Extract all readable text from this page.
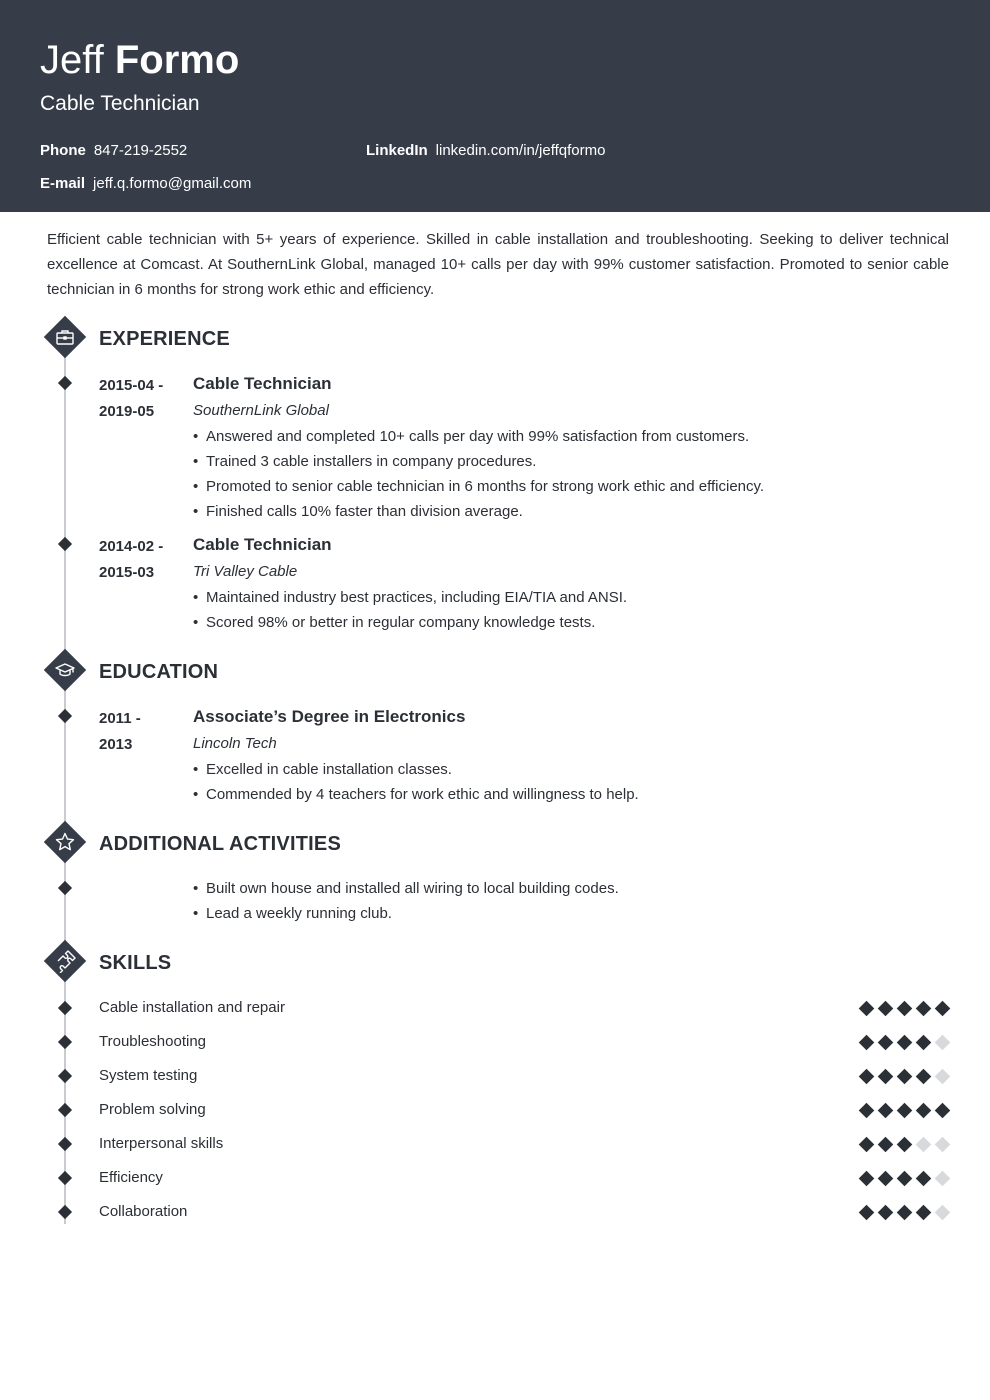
Jeff Formo
Cable Technician
Phone 847-219-2552	LinkedIn linkedin.com/in/jeffqformo
E-mail jeff.q.formo@gmail.com

Efficient cable technician with 5+ years of experience. Skilled in cable installation and troubleshooting. Seeking to deliver technical excellence at Comcast. At SouthernLink Global, managed 10+ calls per day with 99% customer satisfaction. Promoted to senior cable technician in 6 months for strong work ethic and efficiency.

EXPERIENCE
2015-04 -
2019-05
Cable Technician
SouthernLink Global
• Answered and completed 10+ calls per day with 99% satisfaction from customers.
• Trained 3 cable installers in company procedures.
• Promoted to senior cable technician in 6 months for strong work ethic and efficiency.
• Finished calls 10% faster than division average.
2014-02 -
2015-03
Cable Technician
Tri Valley Cable
• Maintained industry best practices, including EIA/TIA and ANSI.
• Scored 98% or better in regular company knowledge tests.
EDUCATION
2011 -
2013
Associate’s Degree in Electronics
Lincoln Tech
• Excelled in cable installation classes.
• Commended by 4 teachers for work ethic and willingness to help.
ADDITIONAL ACTIVITIES
• Built own house and installed all wiring to local building codes.
• Lead a weekly running club.
SKILLS
Cable installation and repair
Troubleshooting
System testing
Problem solving
Interpersonal skills
Efficiency
Collaboration
